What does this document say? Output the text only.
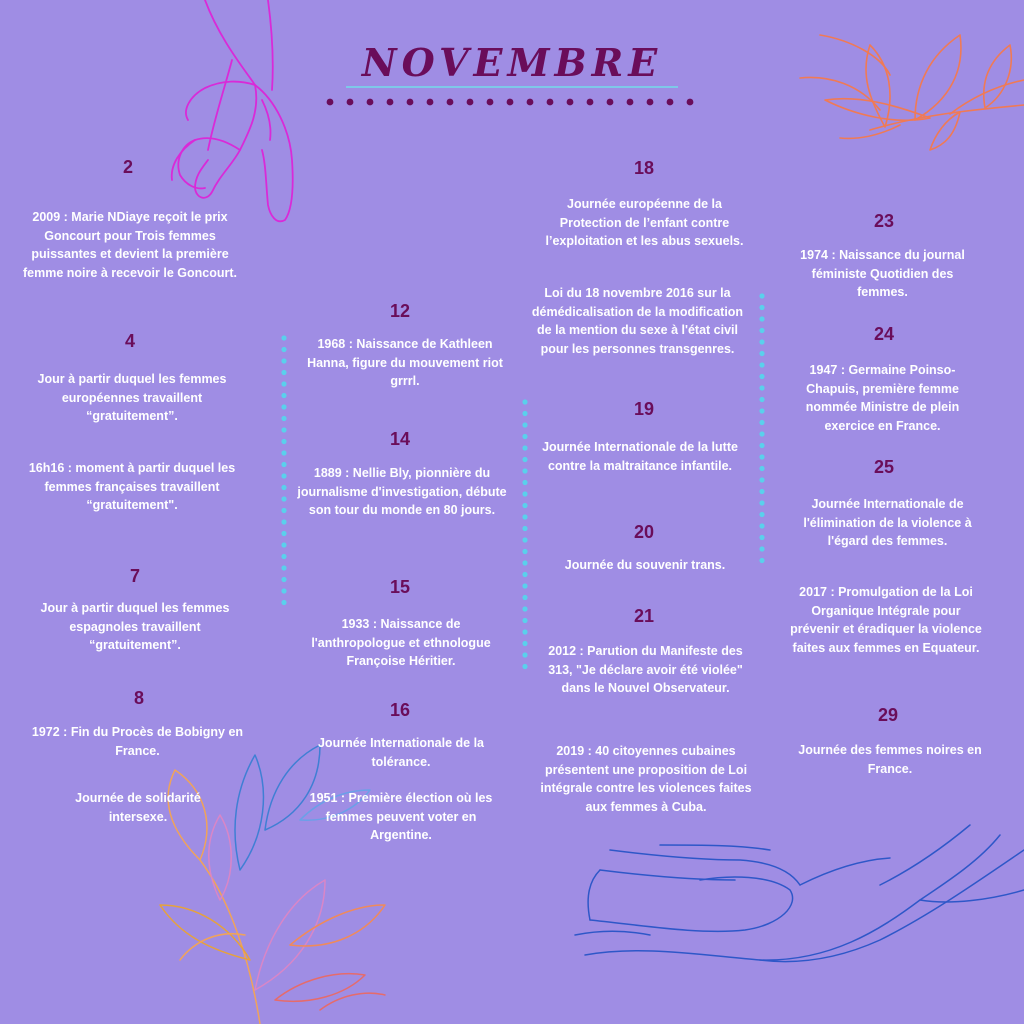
NOVEMBRE
2
2009 : Marie NDiaye reçoit le prix Goncourt pour Trois femmes puissantes et devient la première femme noire à recevoir le Goncourt.
4
Jour à partir duquel les femmes européennes travaillent “gratuitement”.
16h16 : moment à partir duquel les femmes françaises travaillent “gratuitement".
7
Jour à partir duquel les femmes espagnoles travaillent “gratuitement”.
8
1972 : Fin du Procès de Bobigny en France.
Journée de solidarité intersexe.
12
1968 : Naissance de Kathleen Hanna, figure du mouvement riot grrrl.
14
1889 : Nellie Bly, pionnière du journalisme d'investigation, débute son tour du monde en 80 jours.
15
1933 : Naissance de l'anthropologue et ethnologue Françoise Héritier.
16
Journée Internationale de la tolérance.
1951 : Première élection où les femmes peuvent voter en Argentine.
18
Journée européenne de la Protection de l’enfant contre l’exploitation et les abus sexuels.
Loi du 18 novembre 2016 sur la démédicalisation de la modification de la mention du sexe à l'état civil pour les personnes transgenres.
19
Journée Internationale de la lutte contre la maltraitance infantile.
20
Journée du souvenir trans.
21
2012 : Parution du Manifeste des 313, "Je déclare avoir été violée" dans le Nouvel Observateur.
2019 : 40 citoyennes cubaines présentent une proposition de Loi intégrale contre les violences faites aux femmes à Cuba.
23
1974 : Naissance du journal féministe Quotidien des femmes.
24
1947 : Germaine Poinso-Chapuis, première femme nommée Ministre de plein exercice en France.
25
Journée Internationale de l'élimination de la violence à l'égard des femmes.
2017 : Promulgation de la Loi Organique Intégrale pour prévenir et éradiquer la violence faites aux femmes en Equateur.
29
Journée des femmes noires en France.
